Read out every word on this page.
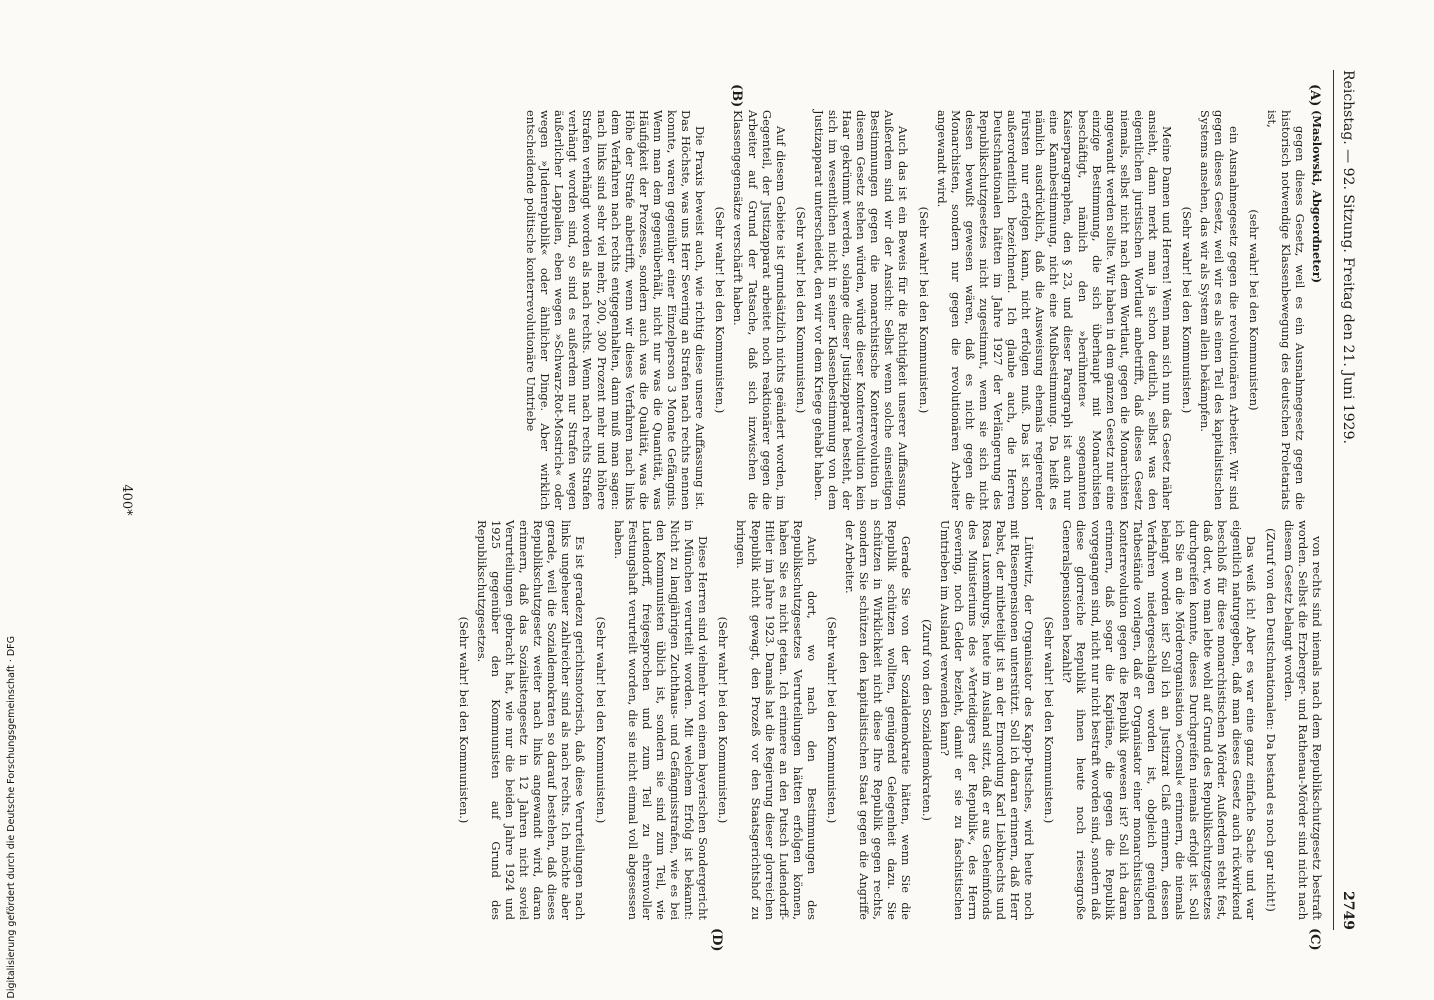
Reichstag. — 92. Sitzung. Freitag den 21. Juni 1929.
2749
(A)
(B)
(C)
(D)

(Maslowski, Abgeordneter)

gegen dieses Gesetz, weil es ein Ausnahmegesetz gegen die historisch notwendige Klassenbewegung des deutschen Proletariats ist,

(sehr wahr! bei den Kommunisten)

ein Ausnahmegesetz gegen die revolutionären Arbeiter. Wir sind gegen dieses Gesetz, weil wir es als einen Teil des kapitalistischen Systems ansehen, das wir als System allein bekämpfen.

(Sehr wahr! bei den Kommunisten.)

Meine Damen und Herren! Wenn man sich nun das Gesetz näher ansieht, dann merkt man ja schon deutlich, selbst was den eigentlichen juristischen Wortlaut anbetrifft, daß dieses Gesetz niemals, selbst nicht nach dem Wortlaut, gegen die Monarchisten angewandt werden sollte. Wir haben in dem ganzen Gesetz nur eine einzige Bestimmung, die sich überhaupt mit Monarchisten beschäftigt, nämlich den »berühmten« sogenannten Kaiserparagraphen, den § 23, und dieser Paragraph ist auch nur eine Kannbestimmung, nicht eine Mußbestimmung. Da heißt es nämlich ausdrücklich, daß die Ausweisung ehemals regierender Fürsten nur erfolgen kann, nicht erfolgen muß. Das ist schon außerordentlich bezeichnend. Ich glaube auch, die Herren Deutschnationalen hätten im Jahre 1927 der Verlängerung des Republikschutzgesetzes nicht zugestimmt, wenn sie sich nicht dessen bewußt gewesen wären, daß es nicht gegen die Monarchisten, sondern nur gegen die revolutionären Arbeiter angewandt wird.

(Sehr wahr! bei den Kommunisten.)

Auch das ist ein Beweis für die Richtigkeit unserer Auffassung. Außerdem sind wir der Ansicht: Selbst wenn solche einseitigen Bestimmungen gegen die monarchistische Konterrevolution in diesem Gesetz stehen würden, würde dieser Konterrevolution kein Haar gekrümmt werden, solange dieser Justizapparat besteht, der sich im wesentlichen nicht in seiner Klassenbestimmung von dem Justizapparat unterscheidet, den wir vor dem Kriege gehabt haben.

(Sehr wahr! bei den Kommunisten.)

Auf diesem Gebiete ist grundsätzlich nichts geändert worden, im Gegenteil, der Justizapparat arbeitet noch reaktionärer gegen die Arbeiter auf Grund der Tatsache, daß sich inzwischen die Klassengegensätze verschärft haben.

(Sehr wahr! bei den Kommunisten.)

Die Praxis beweist auch, wie richtig diese unsere Auffassung ist. Das Höchste, was uns Herr Severing an Strafen nach rechts nennen konnte, waren gegenüber einer Einzelperson 3 Monate Gefängnis. Wenn man dem gegenüberhält, nicht nur was die Quantität, was Häufigkeit der Prozesse, sondern auch was die Qualität, was die Höhe der Strafe anbetrifft, wenn wir dieses Verfahren nach links dem Verfahren nach rechts entgegenhalten, dann muß man sagen: nach links sind sehr viel mehr, 200, 300 Prozent mehr und höhere Strafen verhängt worden als nach rechts. Wenn nach rechts Strafen verhängt worden sind, so sind es außerdem nur Strafen wegen äußerlicher Lappalien, eben wegen »Schwarz-Rot-Mostrich« oder wegen »Judenrepublik« oder ähnlicher Dinge. Aber wirklich entscheidende politische konterrevolutionäre Umtriebe

von rechts sind niemals nach dem Republikschutzgesetz bestraft worden. Selbst die Erzberger- und Rathenau-Mörder sind nicht nach diesem Gesetz belangt worden.

(Zuruf von den Deutschnationalen: Da bestand es noch gar nicht!)

Das weiß ich! Aber es war eine ganz einfache Sache und war eigentlich naturgegeben, daß man dieses Gesetz auch rückwirkend beschloß für diese monarchistischen Mörder. Außerdem steht fest, daß dort, wo man lebte wohl auf Grund des Republikschutzgesetzes durchgreifen konnte, dieses Durchgreifen niemals erfolgt ist. Soll ich Sie an die Mörderorganisation »Consul« erinnern, die niemals belangt worden ist? Soll ich an Justizrat Claß erinnern, dessen Verfahren niedergeschlagen worden ist, obgleich genügend Tatbestände vorlagen, daß er Organisator einer monarchistischen Konterrevolution gegen die Republik gewesen ist? Soll ich daran erinnern, daß sogar die Kapitäne, die gegen die Republik vorgegangen sind, nicht nur nicht bestraft worden sind, sondern daß diese glorreiche Republik ihnen heute noch riesengroße Generalspensionen bezahlt?

(Sehr wahr! bei den Kommunisten.)

Lüttwitz, der Organisator des Kapp-Putsches, wird heute noch mit Riesenpensionen unterstützt. Soll ich daran erinnern, daß Herr Pabst, der mitbeteiligt ist an der Ermordung Karl Liebknechts und Rosa Luxemburgs, heute im Ausland sitzt, daß er aus Geheimfonds des Ministeriums des »Verteidigers der Republik«, des Herrn Severing, noch Gelder bezieht, damit er sie zu faschistischen Umtrieben im Ausland verwenden kann?

(Zuruf von den Sozialdemokraten.)

Gerade Sie von der Sozialdemokratie hätten, wenn Sie die Republik schützen wollten, genügend Gelegenheit dazu. Sie schützen in Wirklichkeit nicht diese Ihre Republik gegen rechts, sondern Sie schützen den kapitalistischen Staat gegen die Angriffe der Arbeiter.

(Sehr wahr! bei den Kommunisten.)

Auch dort, wo nach den Bestimmungen des Republikschutzgesetzes Verurteilungen hätten erfolgen können, haben Sie es nicht getan. Ich erinnere an den Putsch Ludendorff-Hitler im Jahre 1923. Damals hat die Regierung dieser glorreichen Republik nicht gewagt, den Prozeß vor den Staatsgerichtshof zu bringen.

(Sehr wahr! bei den Kommunisten.)

Diese Herren sind vielmehr von einem bayerischen Sondergericht in München verurteilt worden. Mit welchem Erfolg ist bekannt: Nicht zu langjährigen Zuchthaus- und Gefängnisstrafen, wie es bei den Kommunisten üblich ist, sondern sie sind zum Teil, wie Ludendorff, freigesprochen und zum Teil zu ehrenvoller Festungshaft verurteilt worden, die sie nicht einmal voll abgesessen haben.

(Sehr wahr! bei den Kommunisten.)

Es ist geradezu gerichtsnotorisch, daß diese Verurteilungen nach links ungeheuer zahlreicher sind als nach rechts. Ich möchte aber gerade, weil die Sozialdemokraten so darauf bestehen, daß dieses Republikschutzgesetz weiter nach links angewandt wird, daran erinnern, daß das Sozialistengesetz in 12 Jahren nicht soviel Verurteilungen gebracht hat, wie nur die beiden Jahre 1924 und 1925 gegenüber den Kommunisten auf Grund des Republikschutzgesetzes.

(Sehr wahr! bei den Kommunisten.)

400*
Digitalisierung gefördert durch die Deutsche Forschungsgemeinschaft · DFG
